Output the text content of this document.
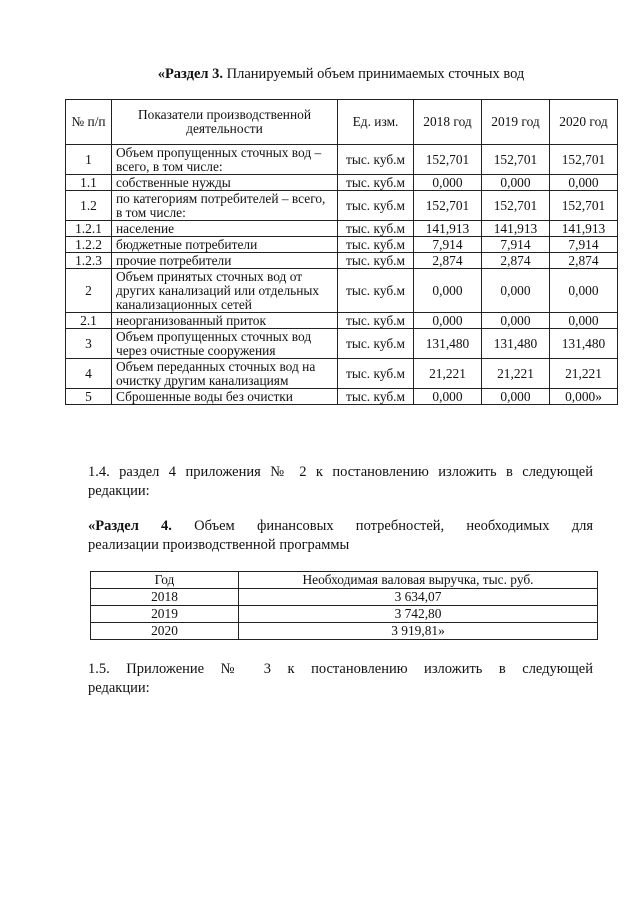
«Раздел 3. Планируемый объем принимаемых сточных вод
№ п/п	Показатели производственной деятельности	Ед. изм.	2018 год	2019 год	2020 год
1	Объем пропущенных сточных вод – всего, в том числе:	тыс. куб.м	152,701	152,701	152,701
1.1	собственные нужды	тыс. куб.м	0,000	0,000	0,000
1.2	по категориям потребителей – всего, в том числе:	тыс. куб.м	152,701	152,701	152,701
1.2.1	население	тыс. куб.м	141,913	141,913	141,913
1.2.2	бюджетные потребители	тыс. куб.м	7,914	7,914	7,914
1.2.3	прочие потребители	тыс. куб.м	2,874	2,874	2,874
2	Объем принятых сточных вод от других канализаций или отдельных канализационных сетей	тыс. куб.м	0,000	0,000	0,000
2.1	неорганизованный приток	тыс. куб.м	0,000	0,000	0,000
3	Объем пропущенных сточных вод через очистные сооружения	тыс. куб.м	131,480	131,480	131,480
4	Объем переданных сточных вод на очистку другим канализациям	тыс. куб.м	21,221	21,221	21,221
5	Сброшенные воды без очистки	тыс. куб.м	0,000	0,000	0,000»
1.4. раздел 4 приложения № 2 к постановлению изложить в следующей
редакции:
«Раздел 4. Объем финансовых потребностей, необходимых для
реализации производственной программы
Год	Необходимая валовая выручка, тыс. руб.
2018	3 634,07
2019	3 742,80
2020	3 919,81»
1.5. Приложение № 3 к постановлению изложить в следующей
редакции:
